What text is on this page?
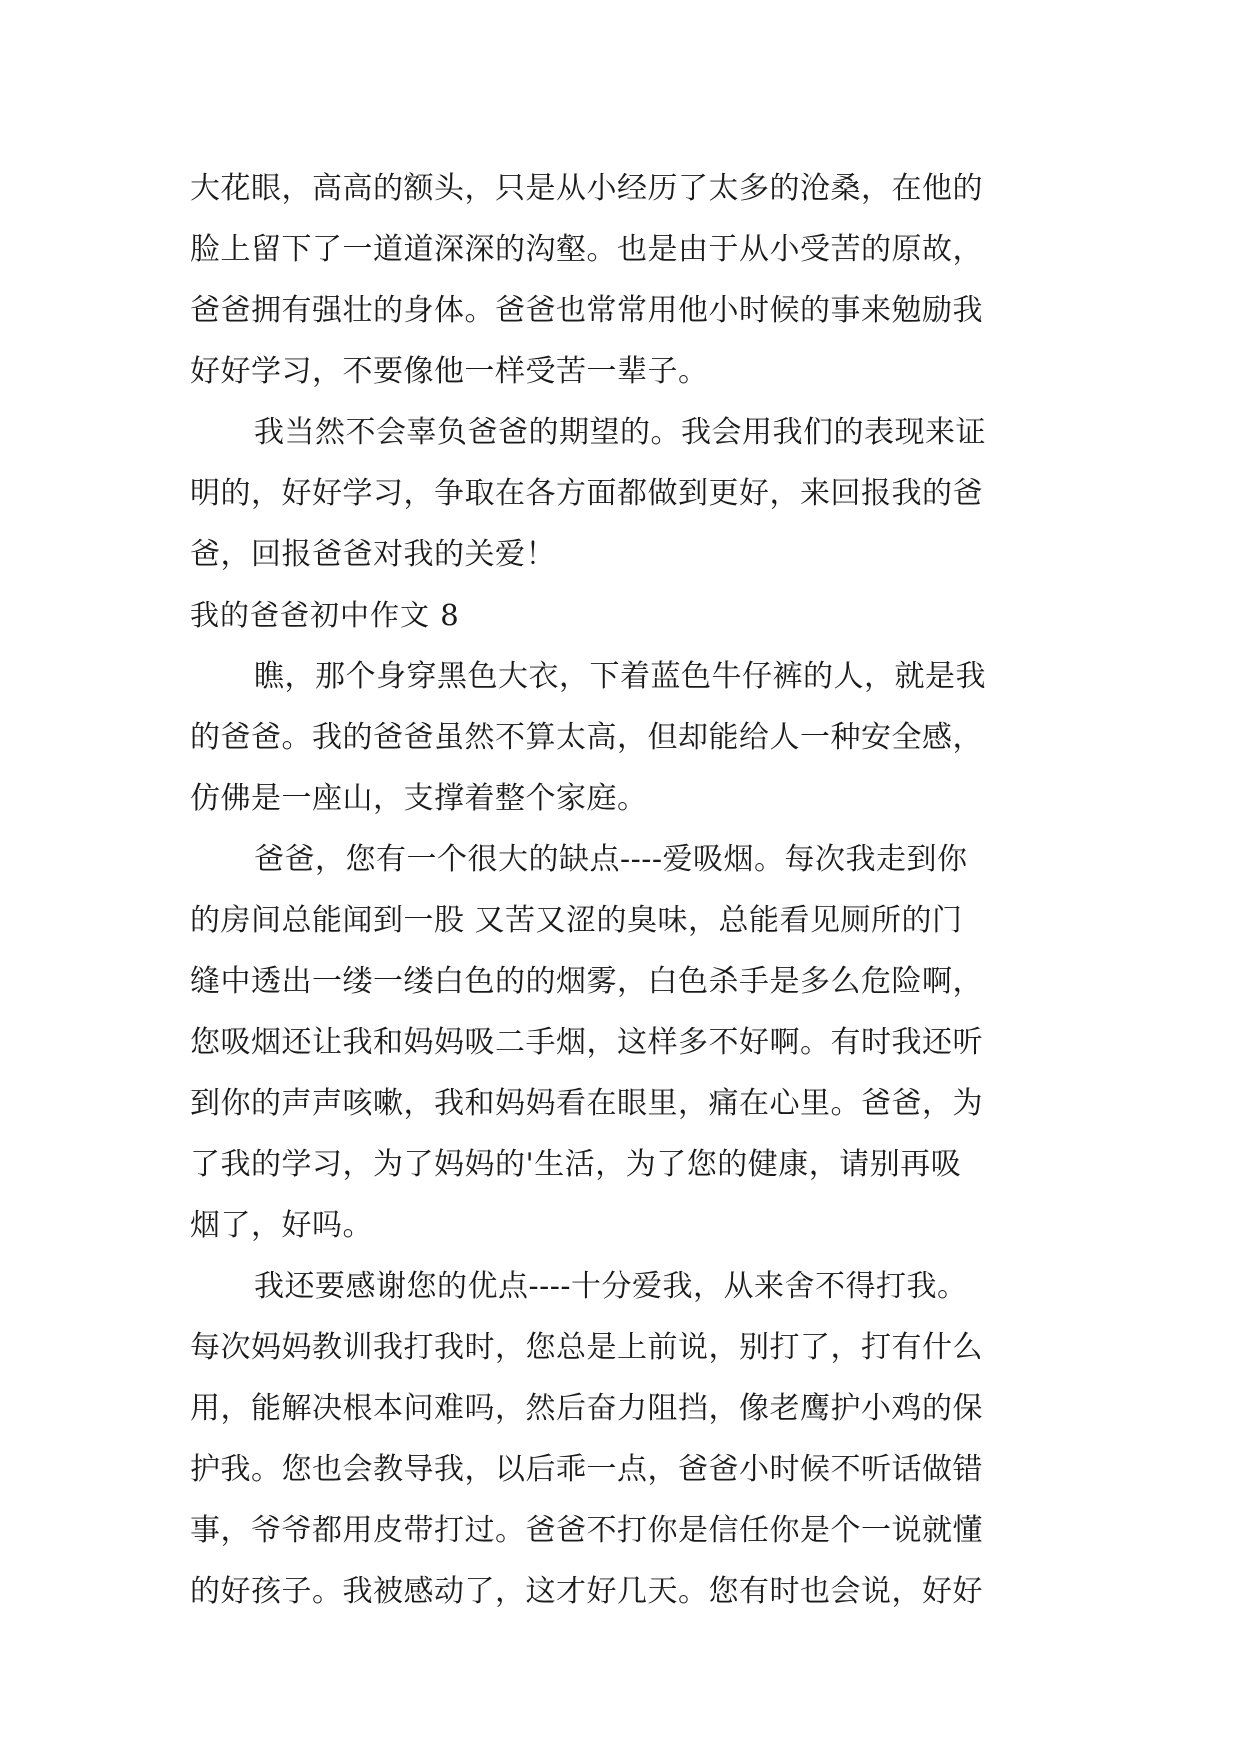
大花眼，高高的额头，只是从小经历了太多的沧桑，在他的
脸上留下了一道道深深的沟壑。也是由于从小受苦的原故，
爸爸拥有强壮的身体。爸爸也常常用他小时候的事来勉励我
好好学习，不要像他一样受苦一辈子。
我当然不会辜负爸爸的期望的。我会用我们的表现来证
明的，好好学习，争取在各方面都做到更好，来回报我的爸
爸，回报爸爸对我的关爱！
我的爸爸初中作文 8
瞧，那个身穿黑色大衣，下着蓝色牛仔裤的人，就是我
的爸爸。我的爸爸虽然不算太高，但却能给人一种安全感，
仿佛是一座山，支撑着整个家庭。
爸爸，您有一个很大的缺点----爱吸烟。每次我走到你
的房间总能闻到一股 又苦又涩的臭味，总能看见厕所的门
缝中透出一缕一缕白色的的烟雾，白色杀手是多么危险啊，
您吸烟还让我和妈妈吸二手烟，这样多不好啊。有时我还听
到你的声声咳嗽，我和妈妈看在眼里，痛在心里。爸爸，为
了我的学习，为了妈妈的'生活，为了您的健康，请别再吸
烟了，好吗。
我还要感谢您的优点----十分爱我，从来舍不得打我。
每次妈妈教训我打我时，您总是上前说，别打了，打有什么
用，能解决根本问难吗，然后奋力阻挡，像老鹰护小鸡的保
护我。您也会教导我，以后乖一点，爸爸小时候不听话做错
事，爷爷都用皮带打过。爸爸不打你是信任你是个一说就懂
的好孩子。我被感动了，这才好几天。您有时也会说，好好
